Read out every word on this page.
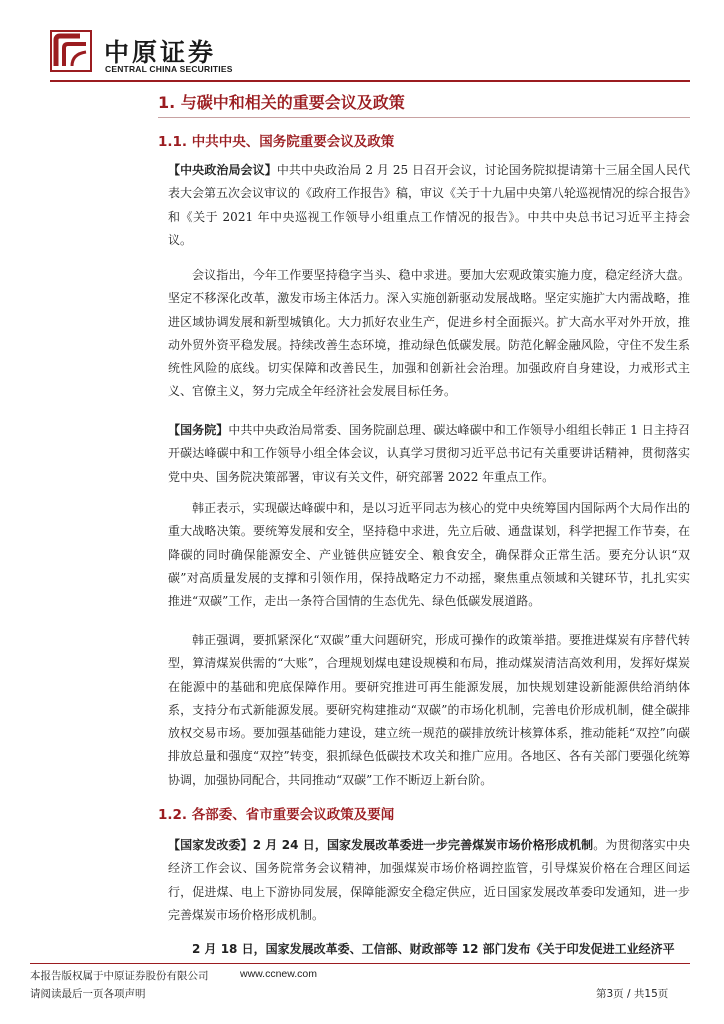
中原证券
CENTRAL CHINA SECURITIES
1. 与碳中和相关的重要会议及政策
1.1. 中共中央、国务院重要会议及政策

【中央政治局会议】中共中央政治局 2 月 25 日召开会议，讨论国务院拟提请第十三届全国人民代表大会第五次会议审议的《政府工作报告》稿，审议《关于十九届中央第八轮巡视情况的综合报告》和《关于 2021 年中央巡视工作领导小组重点工作情况的报告》。中共中央总书记习近平主持会议。

会议指出，今年工作要坚持稳字当头、稳中求进。要加大宏观政策实施力度，稳定经济大盘。坚定不移深化改革，激发市场主体活力。深入实施创新驱动发展战略。坚定实施扩大内需战略，推进区域协调发展和新型城镇化。大力抓好农业生产，促进乡村全面振兴。扩大高水平对外开放，推动外贸外资平稳发展。持续改善生态环境，推动绿色低碳发展。防范化解金融风险，守住不发生系统性风险的底线。切实保障和改善民生，加强和创新社会治理。加强政府自身建设，力戒形式主义、官僚主义，努力完成全年经济社会发展目标任务。

【国务院】中共中央政治局常委、国务院副总理、碳达峰碳中和工作领导小组组长韩正 1 日主持召开碳达峰碳中和工作领导小组全体会议，认真学习贯彻习近平总书记有关重要讲话精神，贯彻落实党中央、国务院决策部署，审议有关文件，研究部署 2022 年重点工作。

韩正表示，实现碳达峰碳中和，是以习近平同志为核心的党中央统筹国内国际两个大局作出的重大战略决策。要统筹发展和安全，坚持稳中求进，先立后破、通盘谋划，科学把握工作节奏，在降碳的同时确保能源安全、产业链供应链安全、粮食安全，确保群众正常生活。要充分认识“双碳”对高质量发展的支撑和引领作用，保持战略定力不动摇，聚焦重点领域和关键环节，扎扎实实推进“双碳”工作，走出一条符合国情的生态优先、绿色低碳发展道路。

韩正强调，要抓紧深化“双碳”重大问题研究，形成可操作的政策举措。要推进煤炭有序替代转型，算清煤炭供需的“大账”，合理规划煤电建设规模和布局，推动煤炭清洁高效利用，发挥好煤炭在能源中的基础和兜底保障作用。要研究推进可再生能源发展，加快规划建设新能源供给消纳体系，支持分布式新能源发展。要研究构建推动“双碳”的市场化机制，完善电价形成机制，健全碳排放权交易市场。要加强基础能力建设，建立统一规范的碳排放统计核算体系，推动能耗“双控”向碳排放总量和强度“双控”转变，狠抓绿色低碳技术攻关和推广应用。各地区、各有关部门要强化统筹协调，加强协同配合，共同推动“双碳”工作不断迈上新台阶。

1.2. 各部委、省市重要会议政策及要闻

【国家发改委】2 月 24 日，国家发展改革委进一步完善煤炭市场价格形成机制。为贯彻落实中央经济工作会议、国务院常务会议精神，加强煤炭市场价格调控监管，引导煤炭价格在合理区间运行，促进煤、电上下游协同发展，保障能源安全稳定供应，近日国家发展改革委印发通知，进一步完善煤炭市场价格形成机制。

2 月 18 日，国家发展改革委、工信部、财政部等 12 部门发布《关于印发促进工业经济平

本报告版权属于中原证券股份有限公司	www.ccnew.com
请阅读最后一页各项声明	第3页 / 共15页
